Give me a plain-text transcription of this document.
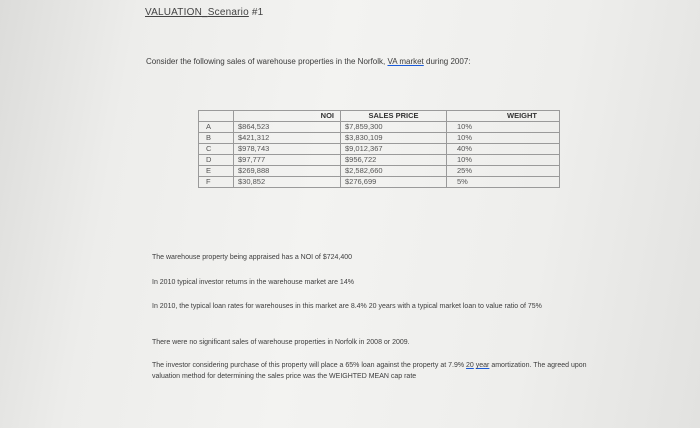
VALUATION_Scenario #1
Consider the following sales of warehouse properties in the Norfolk, VA market during 2007:
	NOI	SALES PRICE	WEIGHT
A	$864,523	$7,859,300	10%
B	$421,312	$3,830,109	10%
C	$978,743	$9,012,367	40%
D	$97,777	$956,722	10%
E	$269,888	$2,582,660	25%
F	$30,852	$276,699	5%
The warehouse property being appraised has a NOI of $724,400
In 2010 typical investor returns in the warehouse market are 14%
In 2010, the typical loan rates for warehouses in this market are 8.4% 20 years with a typical market loan to value ratio of 75%
There were no significant sales of warehouse properties in Norfolk in 2008 or 2009.
The investor considering purchase of this property will place a 65% loan against the property at 7.9% 20 year amortization. The agreed upon valuation method for determining the sales price was the WEIGHTED MEAN cap rate
